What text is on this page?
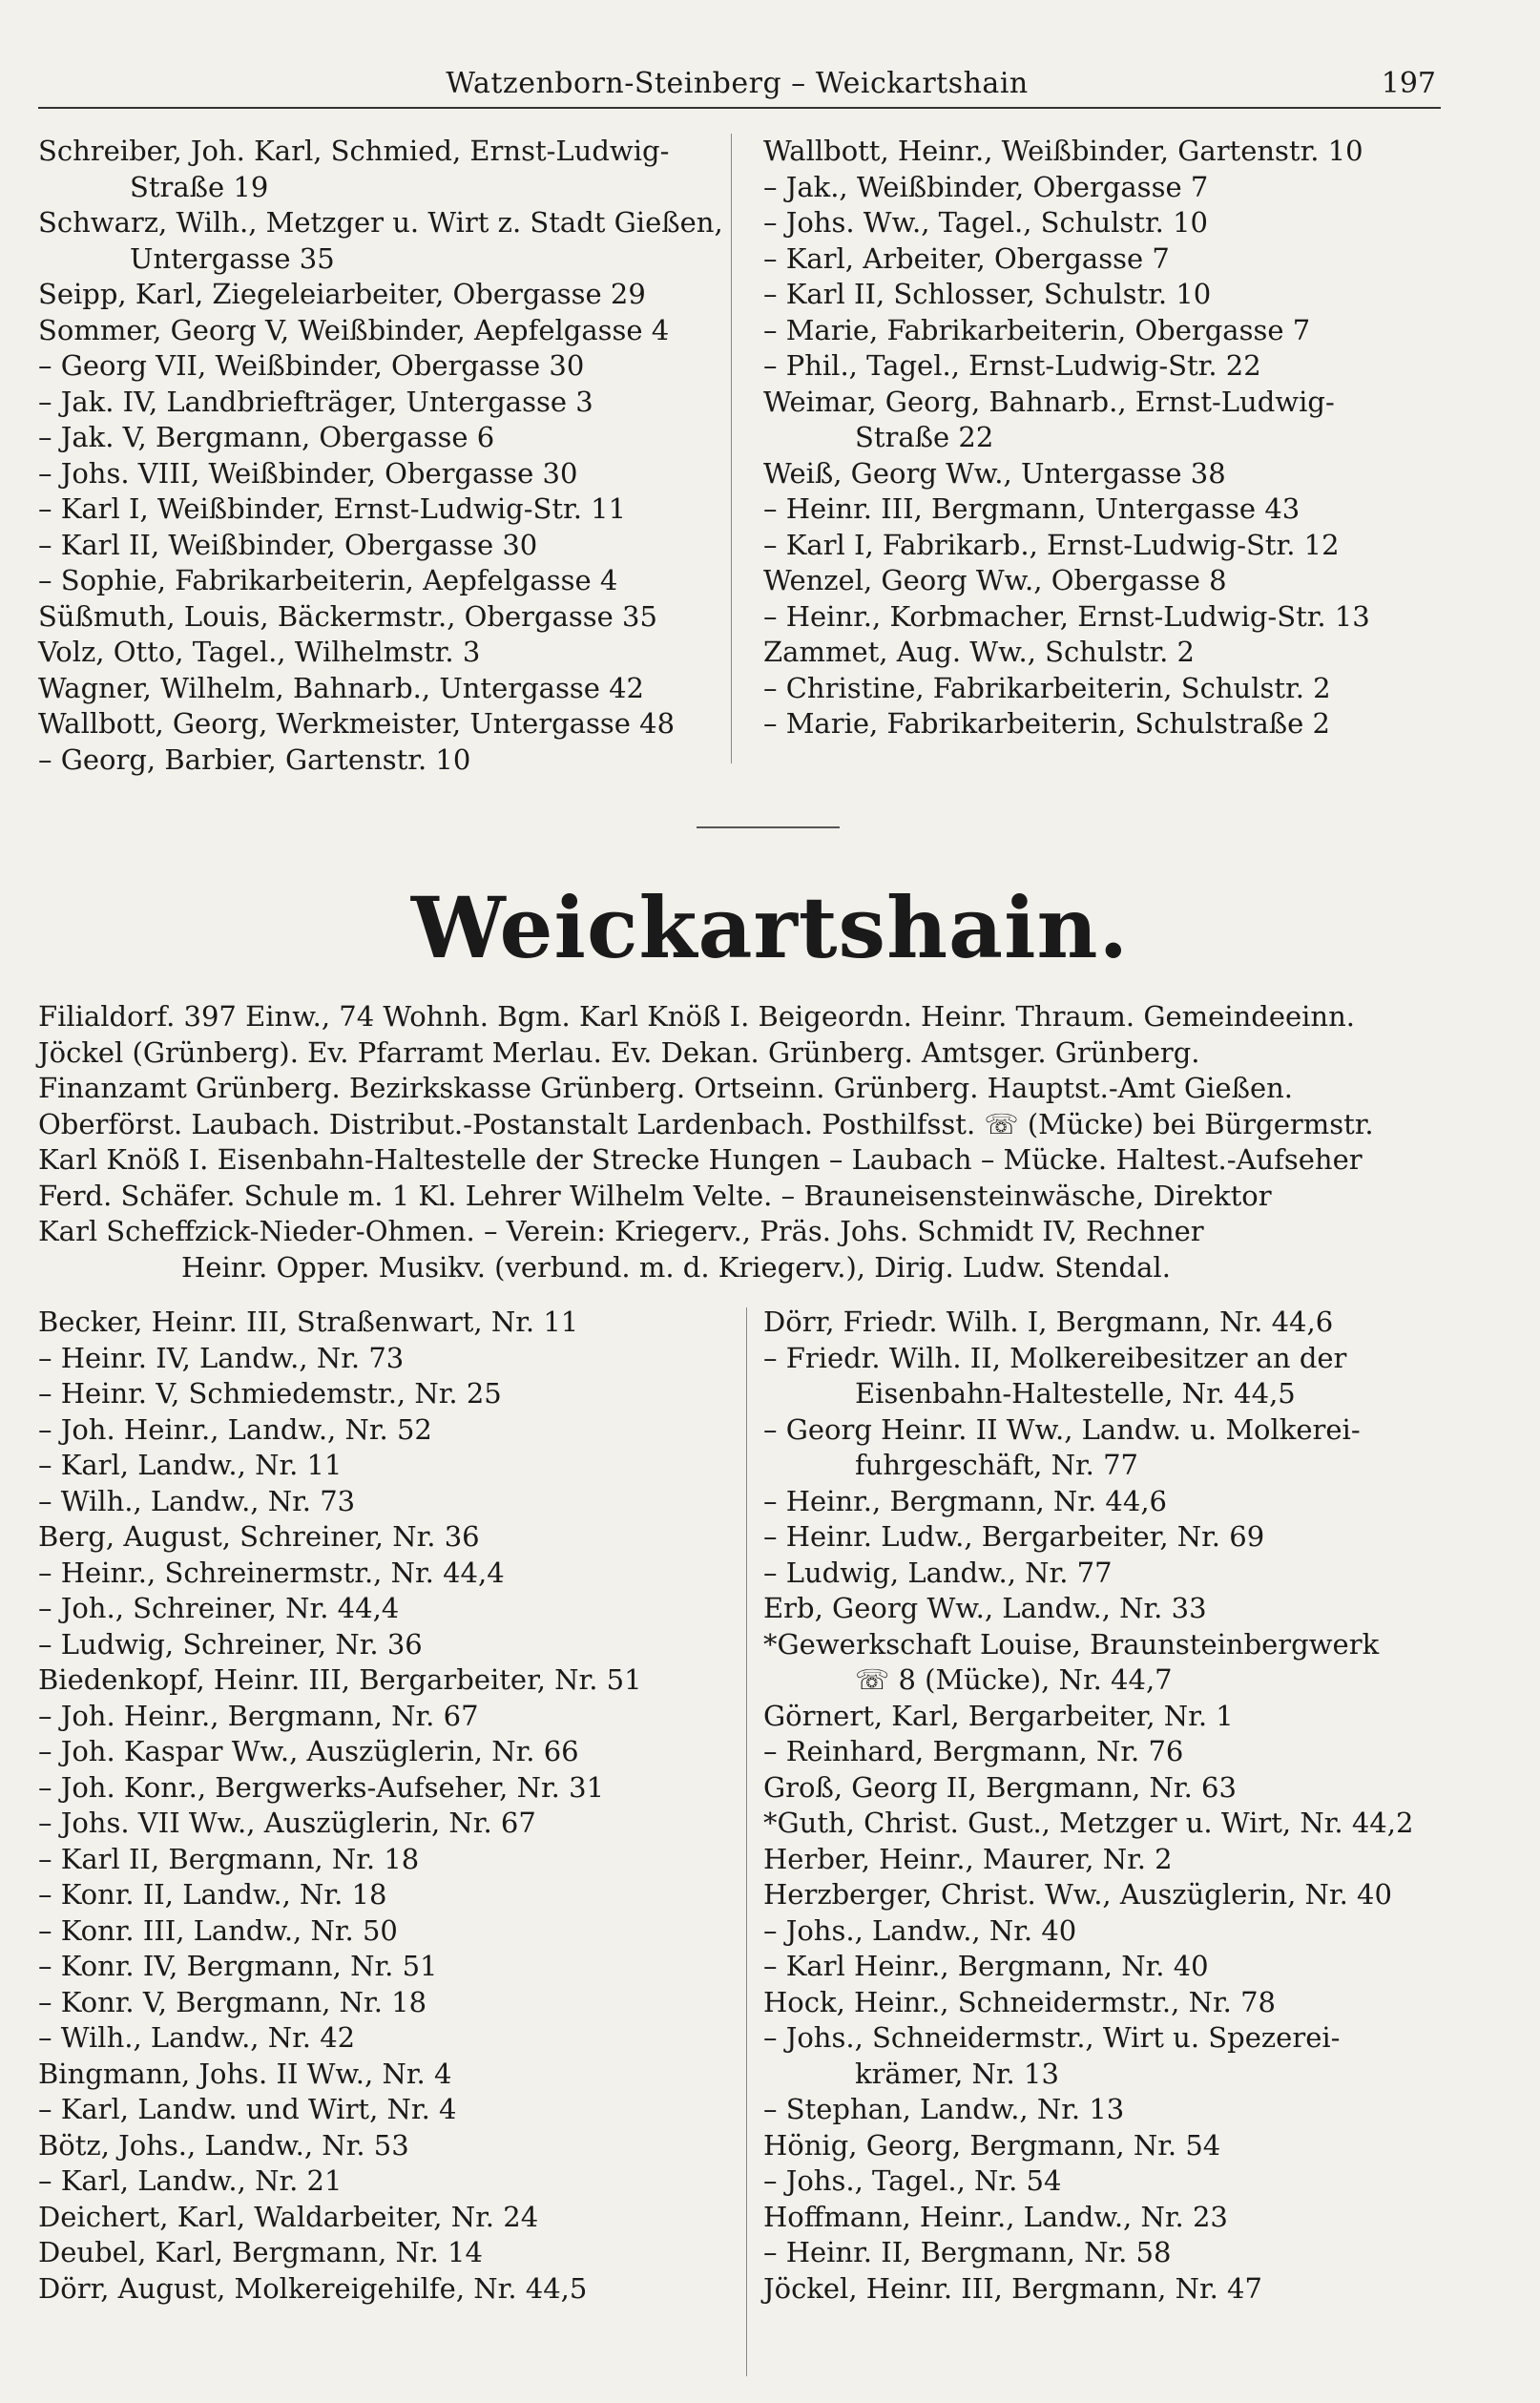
Watzenborn-Steinberg – Weickartshain	197
Schreiber, Joh. Karl, Schmied, Ernst-Ludwig-
Straße 19
Schwarz, Wilh., Metzger u. Wirt z. Stadt Gießen,
Untergasse 35
Seipp, Karl, Ziegeleiarbeiter, Obergasse 29
Sommer, Georg V, Weißbinder, Aepfelgasse 4
– Georg VII, Weißbinder, Obergasse 30
– Jak. IV, Landbriefträger, Untergasse 3
– Jak. V, Bergmann, Obergasse 6
– Johs. VIII, Weißbinder, Obergasse 30
– Karl I, Weißbinder, Ernst-Ludwig-Str. 11
– Karl II, Weißbinder, Obergasse 30
– Sophie, Fabrikarbeiterin, Aepfelgasse 4
Süßmuth, Louis, Bäckermstr., Obergasse 35
Volz, Otto, Tagel., Wilhelmstr. 3
Wagner, Wilhelm, Bahnarb., Untergasse 42
Wallbott, Georg, Werkmeister, Untergasse 48
– Georg, Barbier, Gartenstr. 10
Wallbott, Heinr., Weißbinder, Gartenstr. 10
– Jak., Weißbinder, Obergasse 7
– Johs. Ww., Tagel., Schulstr. 10
– Karl, Arbeiter, Obergasse 7
– Karl II, Schlosser, Schulstr. 10
– Marie, Fabrikarbeiterin, Obergasse 7
– Phil., Tagel., Ernst-Ludwig-Str. 22
Weimar, Georg, Bahnarb., Ernst-Ludwig-
Straße 22
Weiß, Georg Ww., Untergasse 38
– Heinr. III, Bergmann, Untergasse 43
– Karl I, Fabrikarb., Ernst-Ludwig-Str. 12
Wenzel, Georg Ww., Obergasse 8
– Heinr., Korbmacher, Ernst-Ludwig-Str. 13
Zammet, Aug. Ww., Schulstr. 2
– Christine, Fabrikarbeiterin, Schulstr. 2
– Marie, Fabrikarbeiterin, Schulstraße 2
Weickartshain.
Filialdorf. 397 Einw., 74 Wohnh. Bgm. Karl Knöß I. Beigeordn. Heinr. Thraum. Gemeindeeinn.
Jöckel (Grünberg). Ev. Pfarramt Merlau. Ev. Dekan. Grünberg. Amtsger. Grünberg.
Finanzamt Grünberg. Bezirkskasse Grünberg. Ortseinn. Grünberg. Hauptst.-Amt Gießen.
Oberförst. Laubach. Distribut.-Postanstalt Lardenbach. Posthilfsst. ☏ (Mücke) bei Bürgermstr.
Karl Knöß I. Eisenbahn-Haltestelle der Strecke Hungen – Laubach – Mücke. Haltest.-Aufseher
Ferd. Schäfer. Schule m. 1 Kl. Lehrer Wilhelm Velte. – Brauneisensteinwäsche, Direktor
Karl Scheffzick-Nieder-Ohmen. – Verein: Kriegerv., Präs. Johs. Schmidt IV, Rechner
Heinr. Opper. Musikv. (verbund. m. d. Kriegerv.), Dirig. Ludw. Stendal.
Becker, Heinr. III, Straßenwart, Nr. 11
– Heinr. IV, Landw., Nr. 73
– Heinr. V, Schmiedemstr., Nr. 25
– Joh. Heinr., Landw., Nr. 52
– Karl, Landw., Nr. 11
– Wilh., Landw., Nr. 73
Berg, August, Schreiner, Nr. 36
– Heinr., Schreinermstr., Nr. 44,4
– Joh., Schreiner, Nr. 44,4
– Ludwig, Schreiner, Nr. 36
Biedenkopf, Heinr. III, Bergarbeiter, Nr. 51
– Joh. Heinr., Bergmann, Nr. 67
– Joh. Kaspar Ww., Auszüglerin, Nr. 66
– Joh. Konr., Bergwerks-Aufseher, Nr. 31
– Johs. VII Ww., Auszüglerin, Nr. 67
– Karl II, Bergmann, Nr. 18
– Konr. II, Landw., Nr. 18
– Konr. III, Landw., Nr. 50
– Konr. IV, Bergmann, Nr. 51
– Konr. V, Bergmann, Nr. 18
– Wilh., Landw., Nr. 42
Bingmann, Johs. II Ww., Nr. 4
– Karl, Landw. und Wirt, Nr. 4
Bötz, Johs., Landw., Nr. 53
– Karl, Landw., Nr. 21
Deichert, Karl, Waldarbeiter, Nr. 24
Deubel, Karl, Bergmann, Nr. 14
Dörr, August, Molkereigehilfe, Nr. 44,5
Dörr, Friedr. Wilh. I, Bergmann, Nr. 44,6
– Friedr. Wilh. II, Molkereibesitzer an der
Eisenbahn-Haltestelle, Nr. 44,5
– Georg Heinr. II Ww., Landw. u. Molkerei-
fuhrgeschäft, Nr. 77
– Heinr., Bergmann, Nr. 44,6
– Heinr. Ludw., Bergarbeiter, Nr. 69
– Ludwig, Landw., Nr. 77
Erb, Georg Ww., Landw., Nr. 33
*Gewerkschaft Louise, Braunsteinbergwerk
☏ 8 (Mücke), Nr. 44,7
Görnert, Karl, Bergarbeiter, Nr. 1
– Reinhard, Bergmann, Nr. 76
Groß, Georg II, Bergmann, Nr. 63
*Guth, Christ. Gust., Metzger u. Wirt, Nr. 44,2
Herber, Heinr., Maurer, Nr. 2
Herzberger, Christ. Ww., Auszüglerin, Nr. 40
– Johs., Landw., Nr. 40
– Karl Heinr., Bergmann, Nr. 40
Hock, Heinr., Schneidermstr., Nr. 78
– Johs., Schneidermstr., Wirt u. Spezerei-
krämer, Nr. 13
– Stephan, Landw., Nr. 13
Hönig, Georg, Bergmann, Nr. 54
– Johs., Tagel., Nr. 54
Hoffmann, Heinr., Landw., Nr. 23
– Heinr. II, Bergmann, Nr. 58
Jöckel, Heinr. III, Bergmann, Nr. 47
